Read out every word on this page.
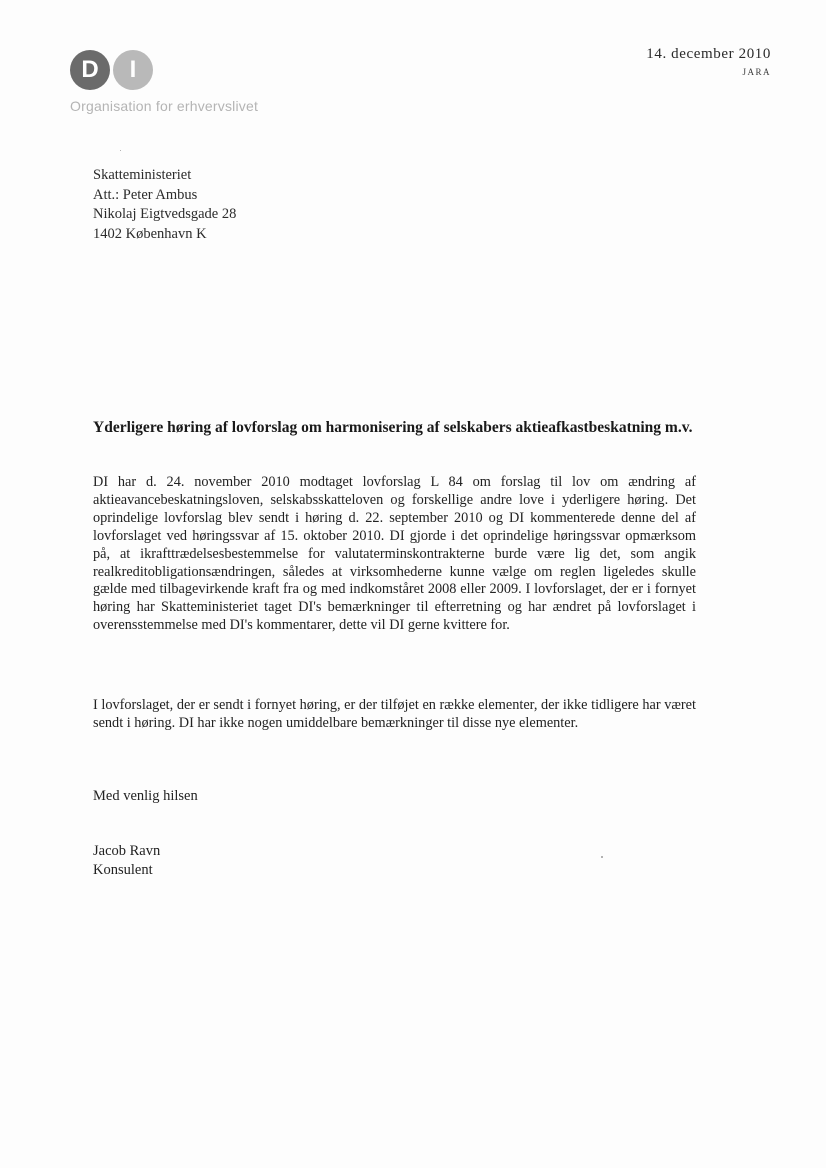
D	I
Organisation for erhvervslivet
14. december 2010
JARA
Skatteministeriet
Att.: Peter Ambus
Nikolaj Eigtvedsgade 28
1402 København K
Yderligere høring af lovforslag om harmonisering af selskabers aktieafkastbeskatning m.v.
DI har d. 24. november 2010 modtaget lovforslag L 84 om forslag til lov om ændring af aktieavancebeskatningsloven, selskabsskatteloven og forskellige andre love i yderligere høring. Det oprindelige lovforslag blev sendt i høring d. 22. september 2010 og DI kommenterede denne del af lovforslaget ved høringssvar af 15. oktober 2010. DI gjorde i det oprindelige høringssvar opmærksom på, at ikrafttrædelsesbestemmelse for valutaterminskontrakterne burde være lig det, som angik realkreditobligationsændringen, således at virksomhederne kunne vælge om reglen ligeledes skulle gælde med tilbagevirkende kraft fra og med indkomståret 2008 eller 2009. I lovforslaget, der er i fornyet høring har Skatteministeriet taget DI's bemærkninger til efterretning og har ændret på lovforslaget i overensstemmelse med DI's kommentarer, dette vil DI gerne kvittere for.
I lovforslaget, der er sendt i fornyet høring, er der tilføjet en række elementer, der ikke tidligere har været sendt i høring. DI har ikke nogen umiddelbare bemærkninger til disse nye elementer.
Med venlig hilsen
Jacob Ravn
Konsulent
